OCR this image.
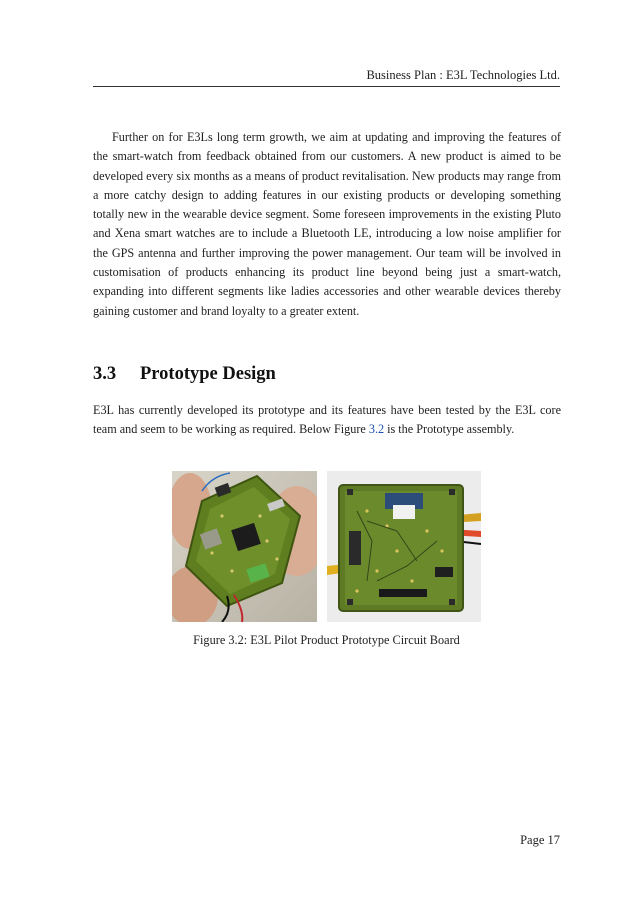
Business Plan : E3L Technologies Ltd.

Further on for E3Ls long term growth, we aim at updating and improving the features of the smart-watch from feedback obtained from our customers. A new product is aimed to be developed every six months as a means of product revitalisation. New products may range from a more catchy design to adding features in our existing products or developing something totally new in the wearable device segment. Some foreseen improvements in the existing Pluto and Xena smart watches are to include a Bluetooth LE, introducing a low noise amplifier for the GPS antenna and further improving the power management. Our team will be involved in customisation of products enhancing its product line beyond being just a smart-watch, expanding into different segments like ladies accessories and other wearable devices thereby gaining customer and brand loyalty to a greater extent.

3.3 Prototype Design

E3L has currently developed its prototype and its features have been tested by the E3L core team and seem to be working as required. Below Figure 3.2 is the Prototype assembly.

Figure 3.2: E3L Pilot Product Prototype Circuit Board
Page 17
